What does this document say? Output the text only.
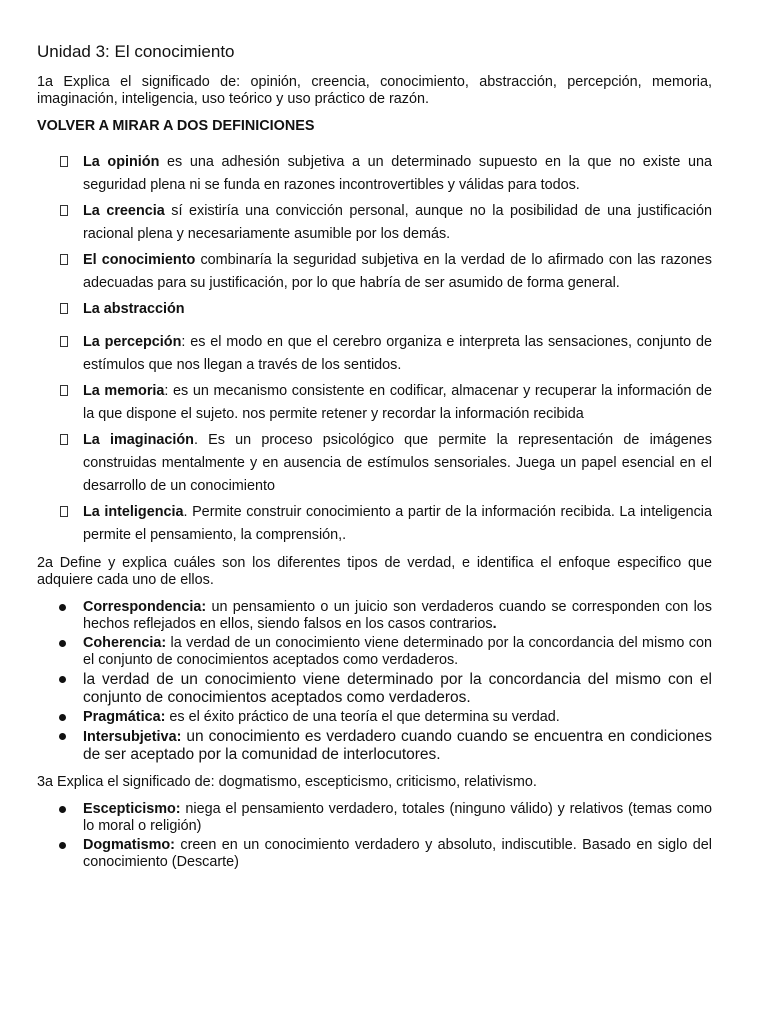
Unidad 3: El conocimiento

1a Explica el significado de: opinión, creencia, conocimiento, abstracción, percepción, memoria, imaginación, inteligencia, uso teórico y uso práctico de razón.

VOLVER A MIRAR A DOS DEFINICIONES

La opinión es una adhesión subjetiva a un determinado supuesto en la que no existe una seguridad plena ni se funda en razones incontrovertibles y válidas para todos.
La creencia sí existiría una convicción personal, aunque no la posibilidad de una justificación racional plena y necesariamente asumible por los demás.
El conocimiento combinaría la seguridad subjetiva en la verdad de lo afirmado con las razones adecuadas para su justificación, por lo que habría de ser asumido de forma general.
La abstracción
La percepción: es el modo en que el cerebro organiza e interpreta las sensaciones, conjunto de estímulos que nos llegan a través de los sentidos.
La memoria: es un mecanismo consistente en codificar, almacenar y recuperar la información de la que dispone el sujeto. nos permite retener y recordar la información recibida
La imaginación. Es un proceso psicológico que permite la representación de imágenes construidas mentalmente y en ausencia de estímulos sensoriales. Juega un papel esencial en el desarrollo de un conocimiento
La inteligencia. Permite construir conocimiento a partir de la información recibida. La inteligencia permite el pensamiento, la comprensión,.

2a Define y explica cuáles son los diferentes tipos de verdad, e identifica el enfoque especifico que adquiere cada uno de ellos.

Correspondencia: un pensamiento o un juicio son verdaderos cuando se corresponden con los hechos reflejados en ellos, siendo falsos en los casos contrarios.
Coherencia: la verdad de un conocimiento viene determinado por la concordancia del mismo con el conjunto de conocimientos aceptados como verdaderos.
la verdad de un conocimiento viene determinado por la concordancia del mismo con el conjunto de conocimientos aceptados como verdaderos.
Pragmática: es el éxito práctico de una teoría el que determina su verdad.
Intersubjetiva: un conocimiento es verdadero cuando cuando se encuentra en condiciones de ser aceptado por la comunidad de interlocutores.

3a Explica el significado de: dogmatismo, escepticismo, criticismo, relativismo.

Escepticismo: niega el pensamiento verdadero, totales (ninguno válido) y relativos (temas como lo moral o religión)
Dogmatismo: creen en un conocimiento verdadero y absoluto, indiscutible. Basado en siglo del conocimiento (Descarte)
